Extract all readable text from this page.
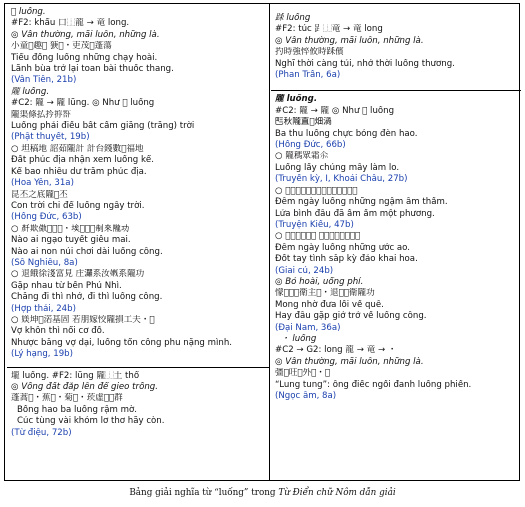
𠳒 luống.
#F2: khẩu 口⿰龍 → 竜 long.
◎ Vẫn thường, mãi luôn, những là.
小童𠳒趣𢬣 㹹𨔈・吏茂𢬣蓬蕩
Tiểu đồng luống những chạy hoài.
Lãnh bùa trở lại toan bài thuốc thang.
(Vân Tiên, 21b)
隴 luống.
#C2: 隴 → 隴 lũng. ◎ Như 𠳒 luống
隴渠條払扲𢭸𥰊
Luống phải điều bất cầm giăng (trăng) trời
(Phật thuyết, 19b)
○ 坦稿地 詔茹隴計 計台錢數𢬣福地
Đất phúc địa nhận xem luống kể.
Kể bao nhiêu dư trăm phúc địa.
(Hoa Yên, 31a)
昆丕之底隴𡗶丕
Con trời chi để luống ngây trời.
(Hồng Đức, 63b)
○ 𠦳欺傲𠺥𣎃𢬣・埃𡎝渃𤀗制來隴功
Nào ai ngạo tuyết giễu mai.
Nào ai non núi chơi dài luống công.
(Sô Nghiêu, 8a)
○ 退餓徐淺富見 庄𤄷系汝𡠣系隴功
Gặp nhau từ bến Phú Nhì.
Chẳng đi thì nhớ, đi thì luống công.
(Hợp thái, 24b)
○ 媄坤𡎝渃基固 若朋嫁恔隴損工夫・𩵜
Vợ khôn thì nổi cơ đồ.
Nhược bằng vợ dại, luống tổn công phu nặng mình.
(Lý hạng, 19b)
壠 luống. #F2: lũng 隴⿰土 thổ
◎ Vồng đất đắp lên để gieo trồng.
蓬蒿𠊚・蕉𣘃・菊𢬣・莰虛𥺀𠸗群
Bồng hao ba luống rậm mờ.
Cúc tùng vài khóm lơ thơ hãy còn.
(Từ điệu, 72b)
𨀤 luống
#F2: túc 𧾷⿰竜 → 竜 long
◎ Vẫn thường, mãi luôn, những là.
扚時強悴攸時𨀤儐
Nghĩ thời càng tủi, nhớ thời luống thương.
(Phan Trần, 6a)
隴 luống.
#C2: 隴 → 隴 ◎ Như 𠳒 luống
𠀧秋隴直𤎕畑渦
Ba thu luống chực bóng đèn hao.
(Hồng Đức, 66b)
○ 隴𥡗眾霜𠇍
Luống lấy chúng mây làm lo.
(Truyền kỳ, I, Khoái Châu, 27b)
○ 𣋚昆隴仍𡗶・焒炎・包𣇜𩂏・方
Đêm ngày luống những ngậm âm thầm.
Lửa bình đâu đã ầm ầm một phương.
(Truyện Kiều, 47b)
○ 𣋚昭隴仍約沕 𡎝𦊚伴插期𤎕開花
Đêm ngày luống những ước ao.
Đốt tay tình sắp kỳ đảo khai hoa.
(Giai cú, 24b)
◎ Bỏ hoài, uổng phí.
懞𢚸𢬣𢬣衛主𠇍・退𨖅𠆳衛隴功
Mong nhờ đưa lối về quê.
Hay đâu gặp giở trở về luống công.
(Đại Nam, 36a)
・ luống
#C2 → G2: long 龍 → 竜 → ・
◎ Vẫn thường, mãi luôn, những là.
彊𧥇㕵𠃩外𠁑・𢬣
“Lung tung”: ông điếc ngồi đanh luống phiền.
(Ngọc âm, 8a)
Bảng giải nghĩa từ “luống” trong Từ Điển chữ Nôm dẫn giải
